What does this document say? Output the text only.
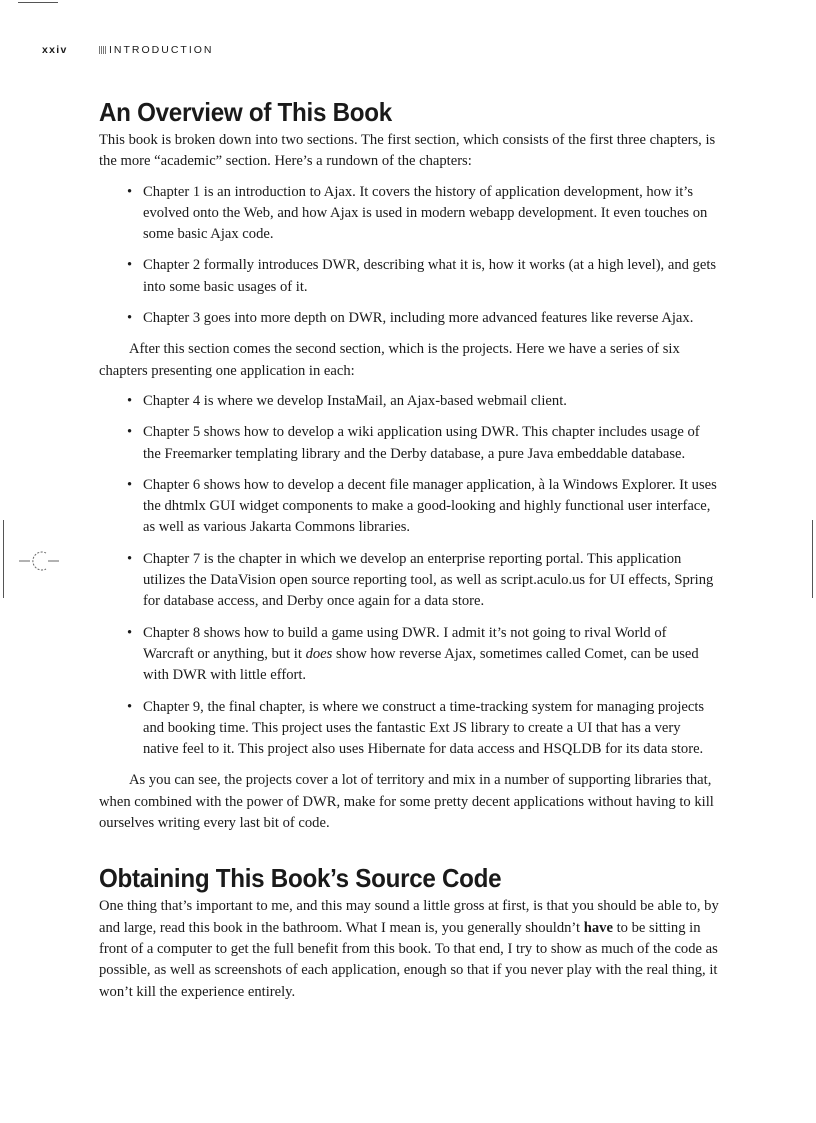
xxiv	INTRODUCTION
An Overview of This Book

This book is broken down into two sections. The first section, which consists of the first three chapters, is the more “academic” section. Here’s a rundown of the chapters:

• Chapter 1 is an introduction to Ajax. It covers the history of application development, how it’s evolved onto the Web, and how Ajax is used in modern webapp development. It even touches on some basic Ajax code.
• Chapter 2 formally introduces DWR, describing what it is, how it works (at a high level), and gets into some basic usages of it.
• Chapter 3 goes into more depth on DWR, including more advanced features like reverse Ajax.

After this section comes the second section, which is the projects. Here we have a series of six chapters presenting one application in each:

• Chapter 4 is where we develop InstaMail, an Ajax-based webmail client.
• Chapter 5 shows how to develop a wiki application using DWR. This chapter includes usage of the Freemarker templating library and the Derby database, a pure Java embeddable database.
• Chapter 6 shows how to develop a decent file manager application, à la Windows Explorer. It uses the dhtmlx GUI widget components to make a good-looking and highly functional user interface, as well as various Jakarta Commons libraries.
• Chapter 7 is the chapter in which we develop an enterprise reporting portal. This application utilizes the DataVision open source reporting tool, as well as script.aculo.us for UI effects, Spring for database access, and Derby once again for a data store.
• Chapter 8 shows how to build a game using DWR. I admit it’s not going to rival World of Warcraft or anything, but it does show how reverse Ajax, sometimes called Comet, can be used with DWR with little effort.
• Chapter 9, the final chapter, is where we construct a time-tracking system for managing projects and booking time. This project uses the fantastic Ext JS library to create a UI that has a very native feel to it. This project also uses Hibernate for data access and HSQLDB for its data store.

As you can see, the projects cover a lot of territory and mix in a number of supporting libraries that, when combined with the power of DWR, make for some pretty decent applications without having to kill ourselves writing every last bit of code.

Obtaining This Book’s Source Code

One thing that’s important to me, and this may sound a little gross at first, is that you should be able to, by and large, read this book in the bathroom. What I mean is, you generally shouldn’t have to be sitting in front of a computer to get the full benefit from this book. To that end, I try to show as much of the code as possible, as well as screenshots of each application, enough so that if you never play with the real thing, it won’t kill the experience entirely.
